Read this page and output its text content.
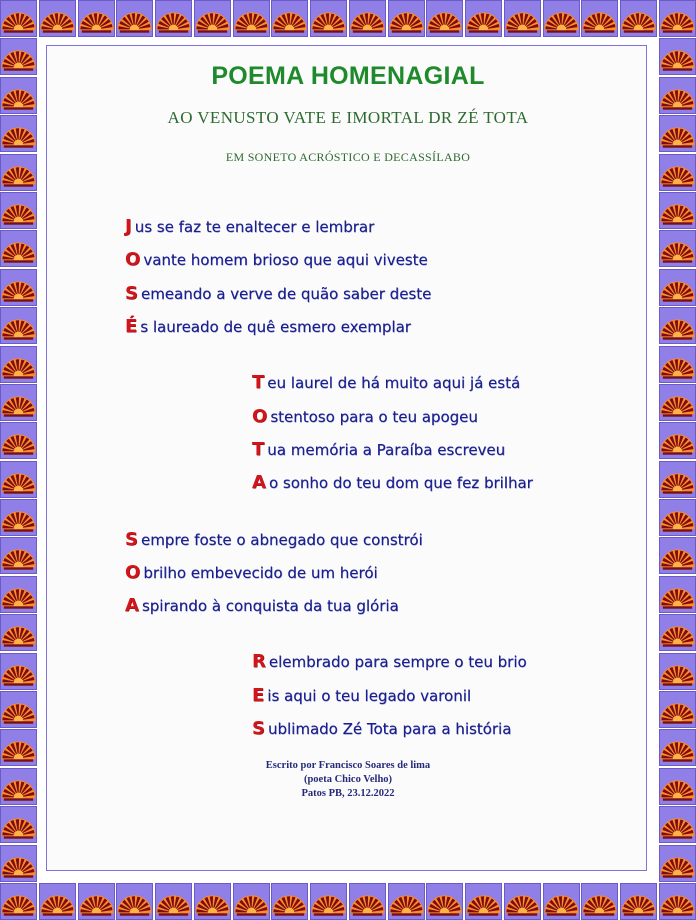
POEMA HOMENAGIAL
AO VENUSTO VATE E IMORTAL DR ZÉ TOTA
EM SONETO ACRÓSTICO E DECASSÍLABO
J us se faz te enaltecer e lembrar
O vante homem brioso que aqui viveste
S emeando a verve de quão saber deste
É s laureado de quê esmero exemplar
T eu laurel de há muito aqui já está
O stentoso para o teu apogeu
T ua memória a Paraíba escreveu
A o sonho do teu dom que fez brilhar
S empre foste o abnegado que constrói
O brilho embevecido de um herói
A spirando à conquista da tua glória
R elembrado para sempre o teu brio
E is aqui o teu legado varonil
S ublimado Zé Tota para a história
Escrito por Francisco Soares de lima
(poeta Chico Velho)
Patos PB, 23.12.2022
